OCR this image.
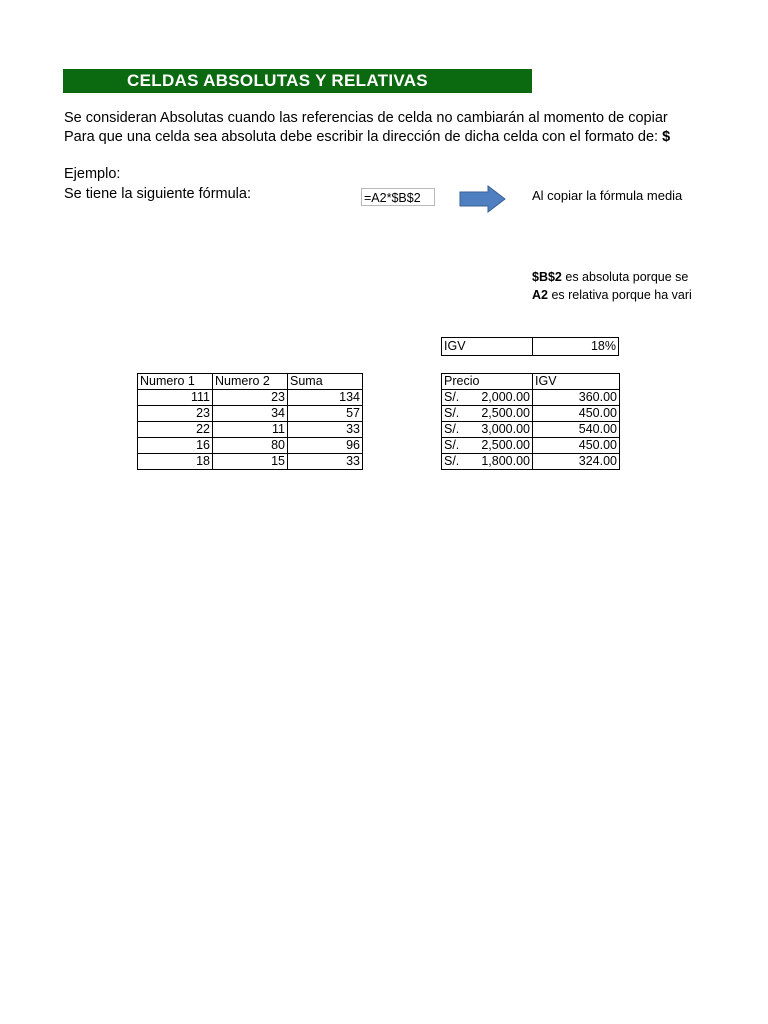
CELDAS ABSOLUTAS Y RELATIVAS
Se consideran Absolutas cuando las referencias de celda no cambiarán al momento de copiar
Para que una celda sea absoluta debe escribir la dirección de dicha celda con el formato de: $
Ejemplo:
Se tiene la siguiente fórmula:	=A2*$B$2	Al copiar la fórmula media
$B$2 es absoluta porque se
A2 es relativa porque ha vari
IGV	18%
Numero 1	Numero 2	Suma
111	23	134
23	34	57
22	11	33
16	80	96
18	15	33
Precio	IGV

S/. 2,000.00	360.00

S/. 2,500.00	450.00

S/. 3,000.00	540.00

S/. 2,500.00	450.00

S/. 1,800.00	324.00
